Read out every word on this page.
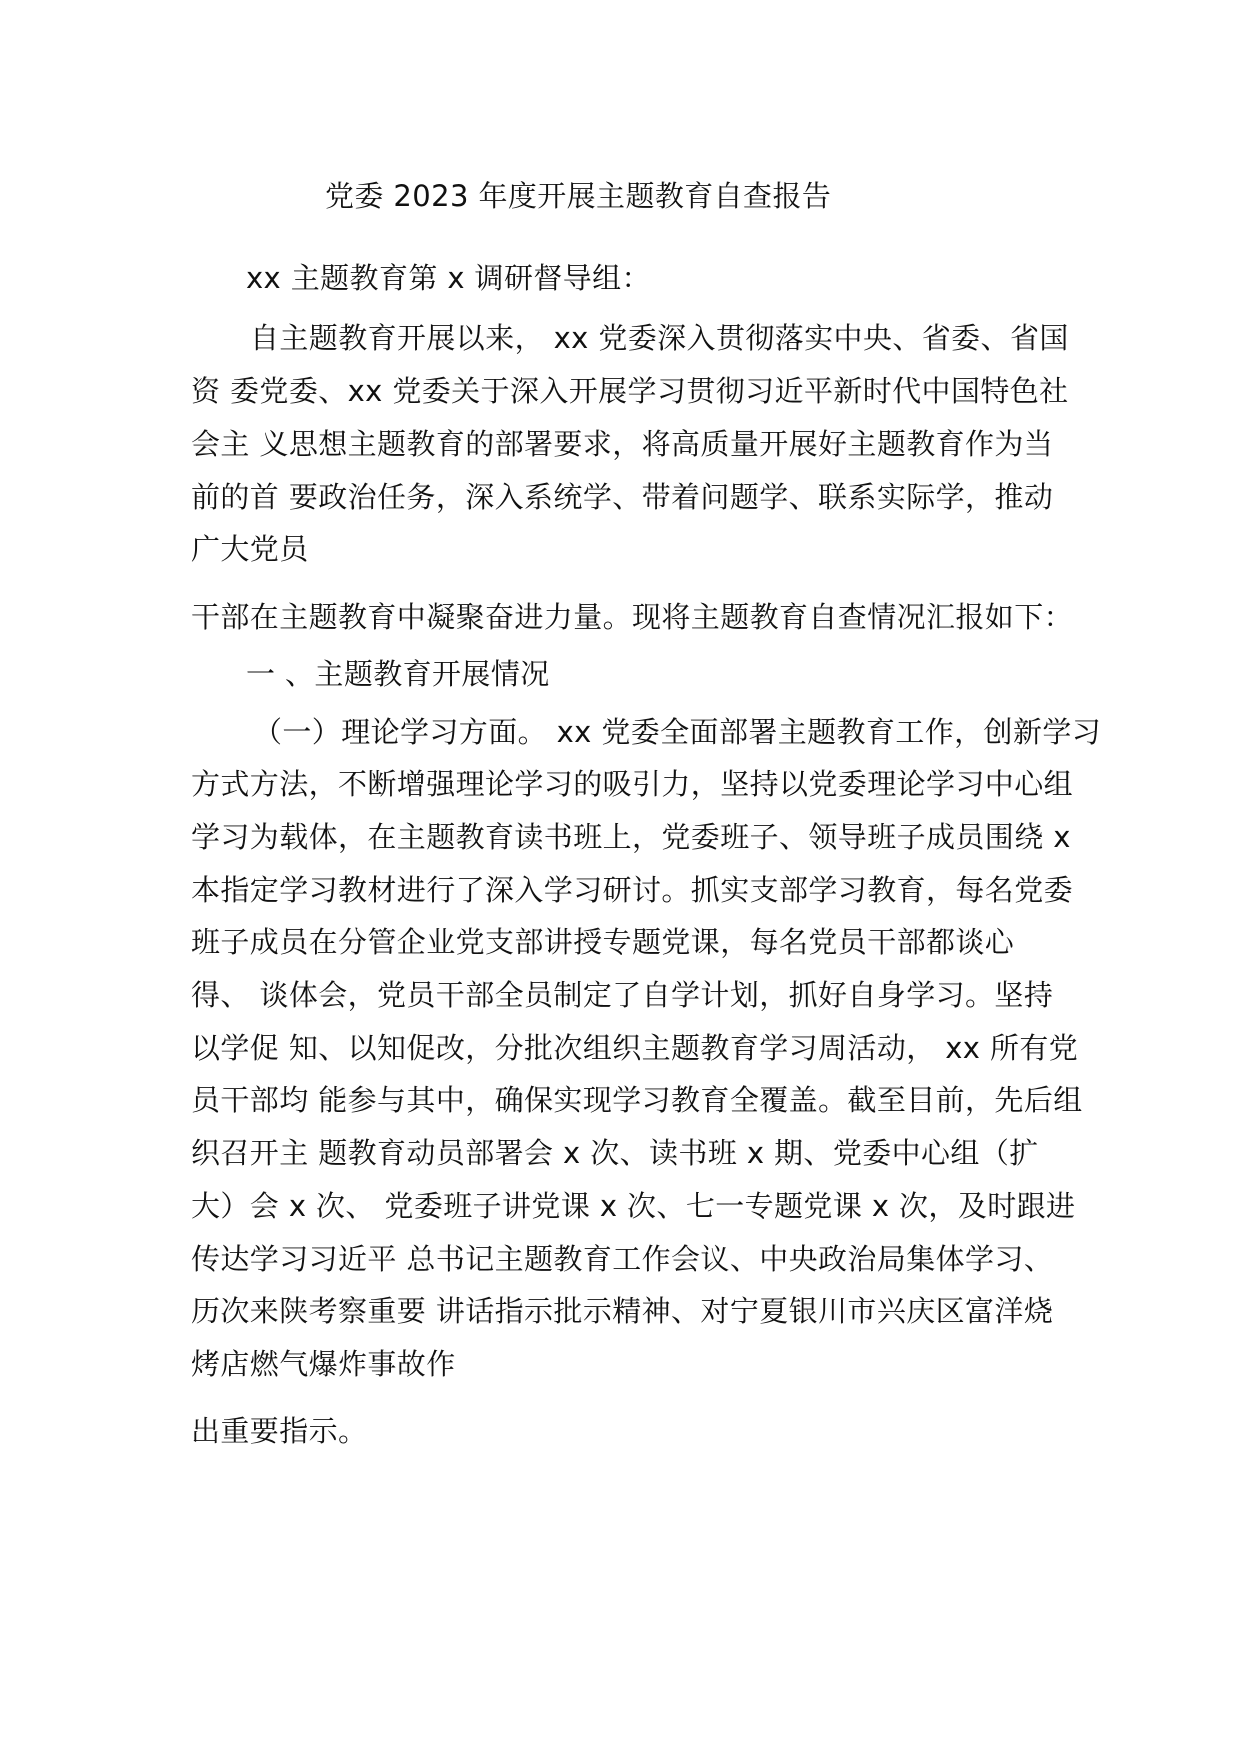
党委 2023 年度开展主题教育自查报告
xx 主题教育第 x 调研督导组：
自主题教育开展以来， xx 党委深入贯彻落实中央、省委、省国
资 委党委、xx 党委关于深入开展学习贯彻习近平新时代中国特色社
会主 义思想主题教育的部署要求，将高质量开展好主题教育作为当
前的首 要政治任务，深入系统学、带着问题学、联系实际学，推动
广大党员
干部在主题教育中凝聚奋进力量。现将主题教育自查情况汇报如下：
一 、主题教育开展情况
（一）理论学习方面。 xx 党委全面部署主题教育工作，创新学习
方式方法，不断增强理论学习的吸引力，坚持以党委理论学习中心组
学习为载体，在主题教育读书班上，党委班子、领导班子成员围绕 x
本指定学习教材进行了深入学习研讨。抓实支部学习教育，每名党委
班子成员在分管企业党支部讲授专题党课，每名党员干部都谈心
得、 谈体会，党员干部全员制定了自学计划，抓好自身学习。坚持
以学促 知、以知促改，分批次组织主题教育学习周活动， xx 所有党
员干部均 能参与其中，确保实现学习教育全覆盖。截至目前，先后组
织召开主 题教育动员部署会 x 次、读书班 x 期、党委中心组（扩
大）会 x 次、 党委班子讲党课 x 次、七一专题党课 x 次，及时跟进
传达学习习近平 总书记主题教育工作会议、中央政治局集体学习、
历次来陕考察重要 讲话指示批示精神、对宁夏银川市兴庆区富洋烧
烤店燃气爆炸事故作
出重要指示。
